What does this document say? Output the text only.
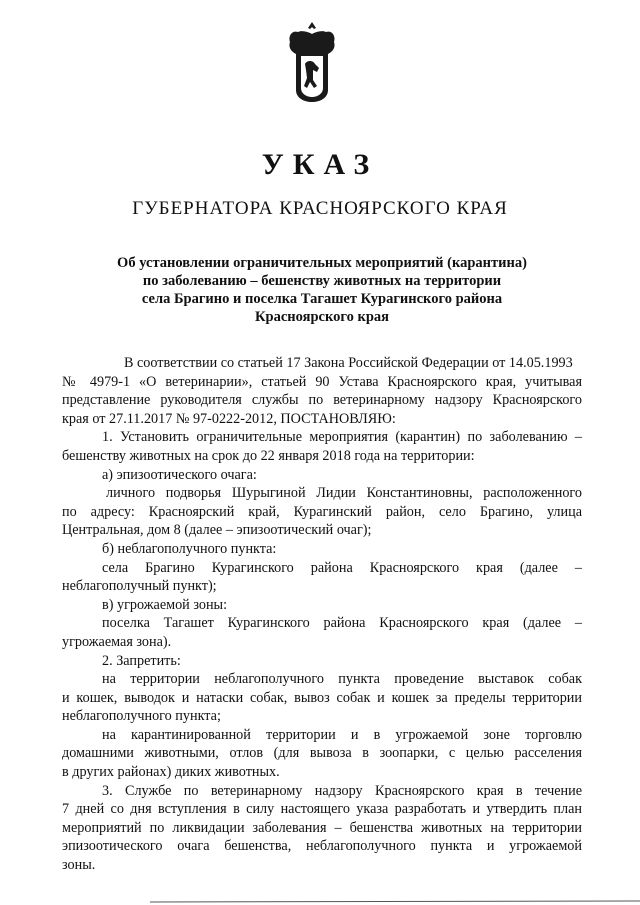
УКАЗ
ГУБЕРНАТОРА КРАСНОЯРСКОГО КРАЯ
Об установлении ограничительных мероприятий (карантина)
по заболеванию – бешенству животных на территории
села Брагино и поселка Тагашет Курагинского района
Красноярского края
В соответствии со статьей 17 Закона Российской Федерации от 14.05.1993
№ 4979-1 «О ветеринарии», статьей 90 Устава Красноярского края, учитывая
представление руководителя службы по ветеринарному надзору Красноярского
края от 27.11.2017 № 97-0222-2012, ПОСТАНОВЛЯЮ:
1. Установить ограничительные мероприятия (карантин) по заболеванию –
бешенству животных на срок до 22 января 2018 года на территории:
а) эпизоотического очага:
личного подворья Шурыгиной Лидии Константиновны, расположенного
по адресу: Красноярский край, Курагинский район, село Брагино, улица
Центральная, дом 8 (далее – эпизоотический очаг);
б) неблагополучного пункта:
села Брагино Курагинского района Красноярского края (далее –
неблагополучный пункт);
в) угрожаемой зоны:
поселка Тагашет Курагинского района Красноярского края (далее –
угрожаемая зона).
2. Запретить:
на территории неблагополучного пункта проведение выставок собак
и кошек, выводок и натаски собак, вывоз собак и кошек за пределы территории
неблагополучного пункта;
на карантинированной территории и в угрожаемой зоне торговлю
домашними животными, отлов (для вывоза в зоопарки, с целью расселения
в других районах) диких животных.
3. Службе по ветеринарному надзору Красноярского края в течение
7 дней со дня вступления в силу настоящего указа разработать и утвердить план
мероприятий по ликвидации заболевания – бешенства животных на территории
эпизоотического очага бешенства, неблагополучного пункта и угрожаемой
зоны.
